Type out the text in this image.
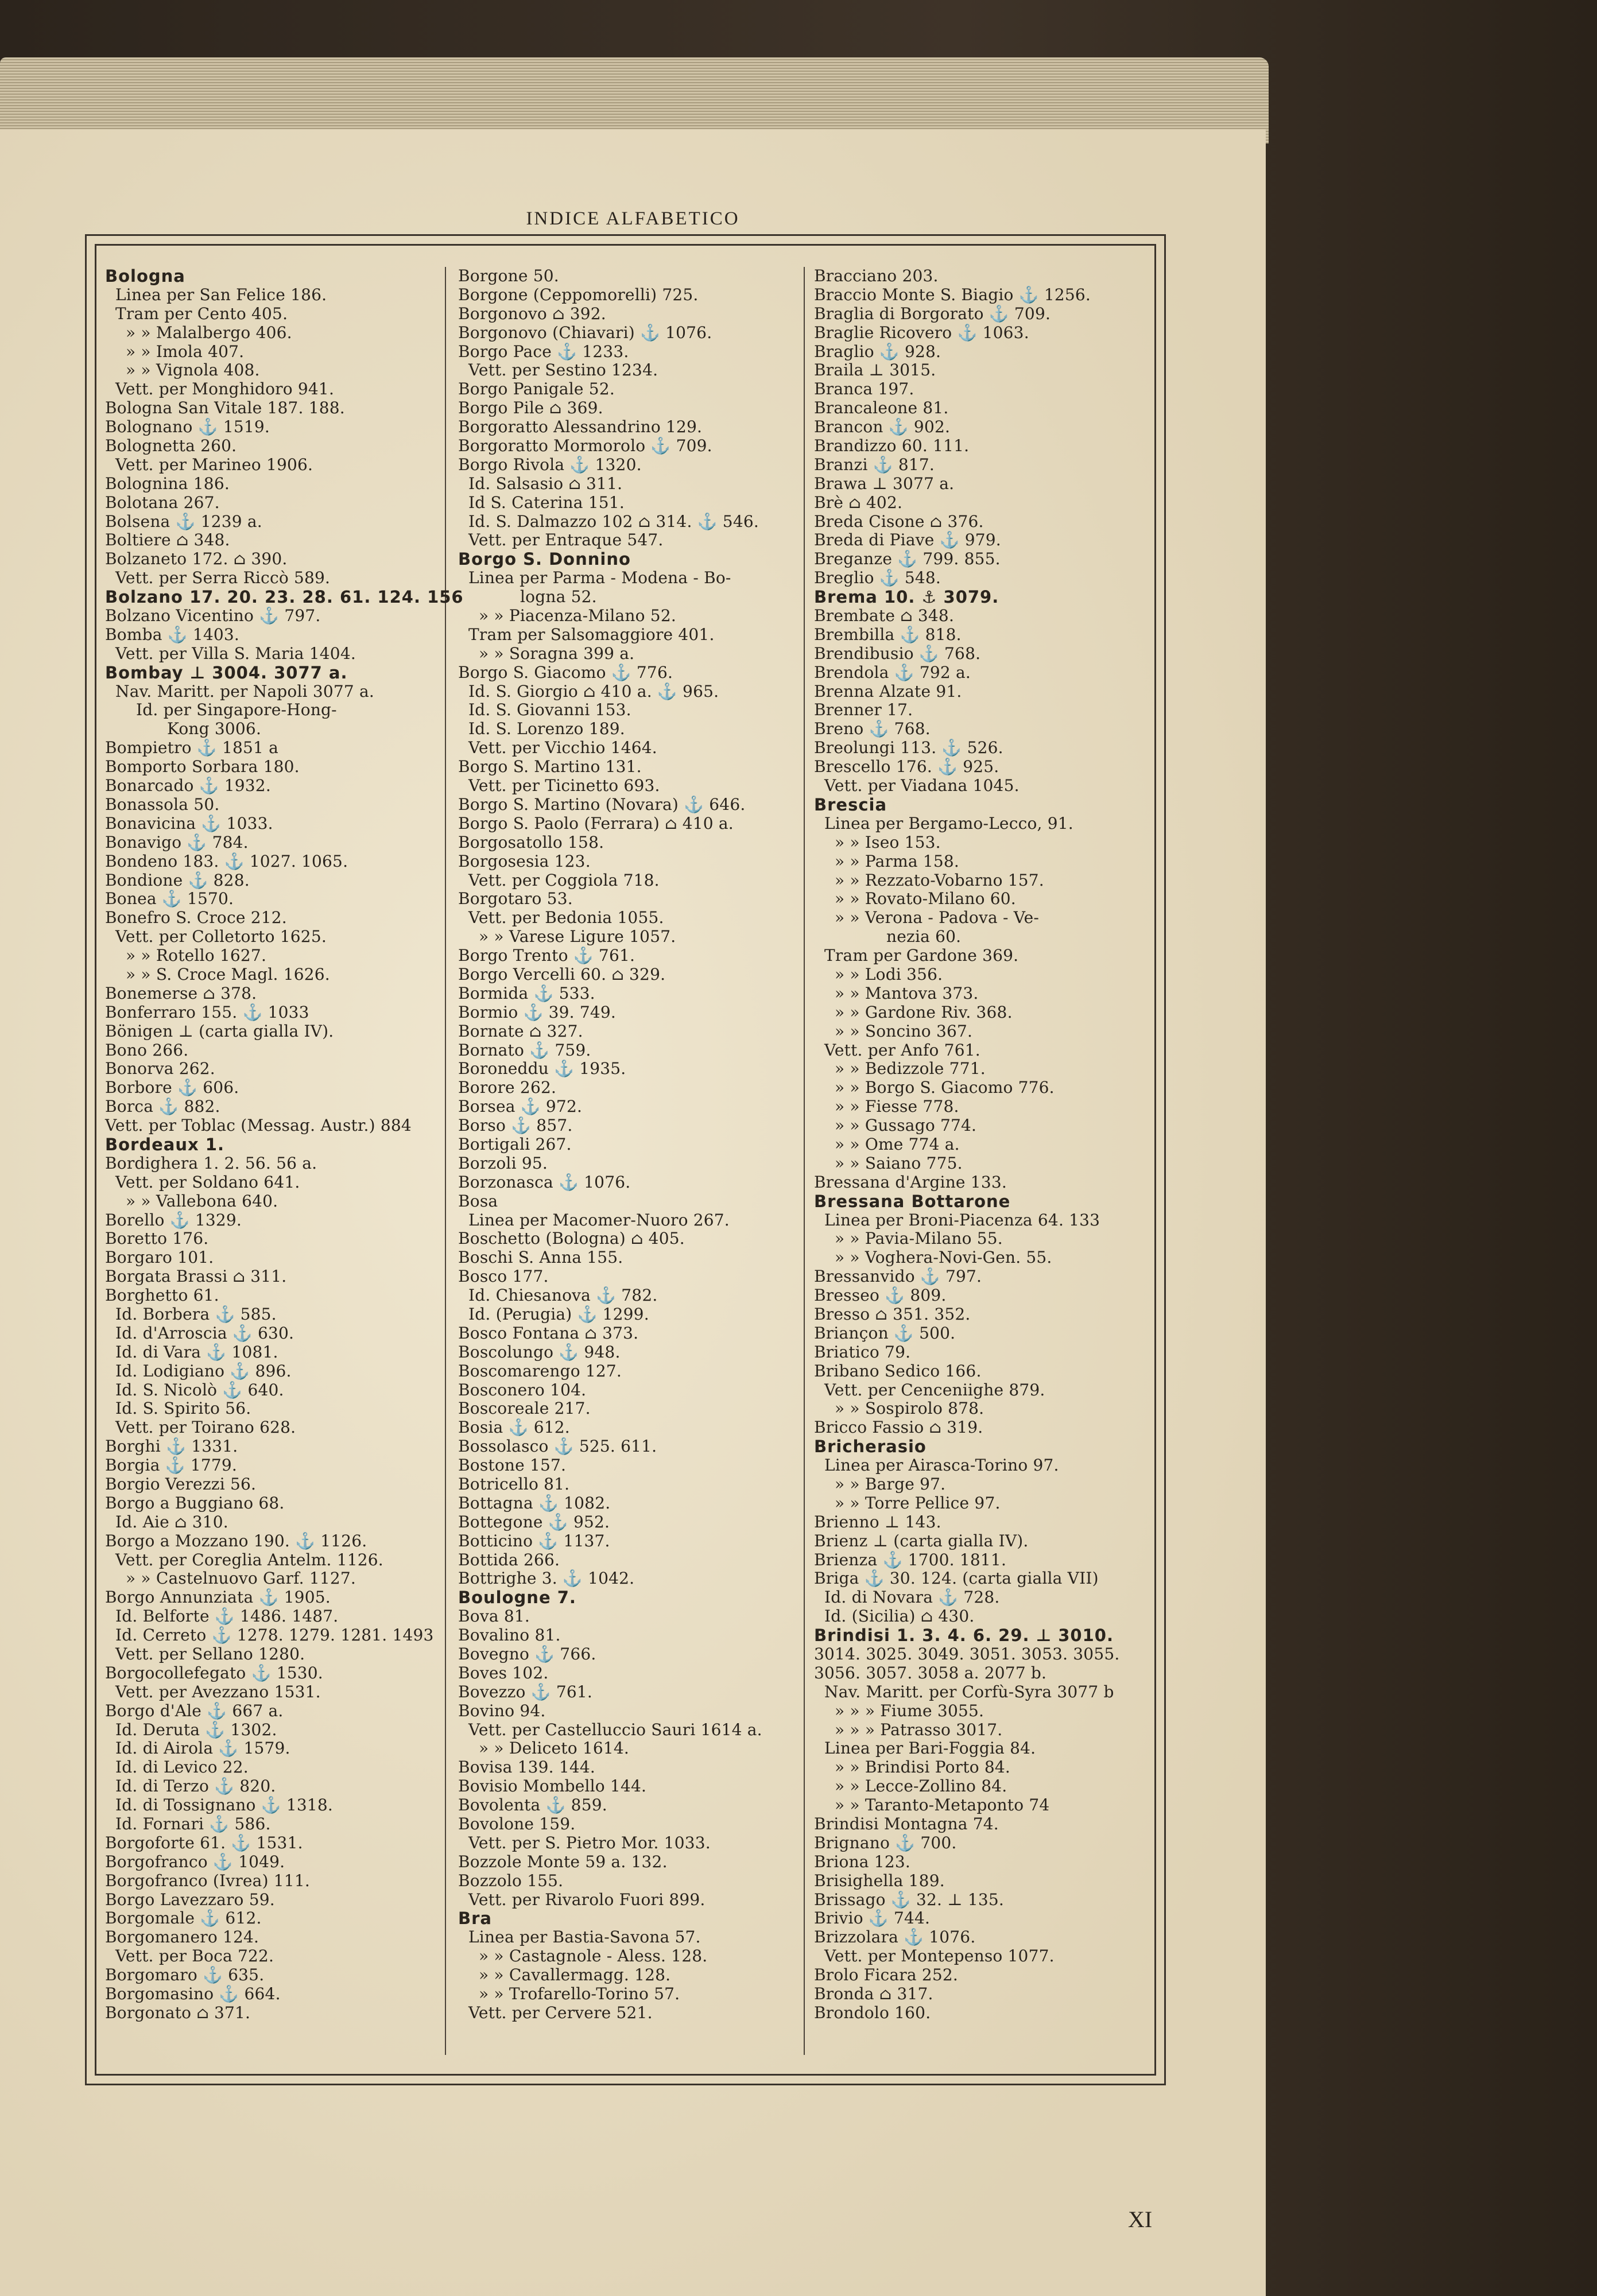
INDICE ALFABETICO
Bologna
Linea per San Felice 186.
Tram per Cento 405.
» » Malalbergo 406.
» » Imola 407.
» » Vignola 408.
Vett. per Monghidoro 941.
Bologna San Vitale 187. 188.
Bolognano ⚓ 1519.
Bolognetta 260.
Vett. per Marineo 1906.
Bolognina 186.
Bolotana 267.
Bolsena ⚓ 1239 a.
Boltiere ⌂ 348.
Bolzaneto 172. ⌂ 390.
Vett. per Serra Riccò 589.
Bolzano 17. 20. 23. 28. 61. 124. 156
Bolzano Vicentino ⚓ 797.
Bomba ⚓ 1403.
Vett. per Villa S. Maria 1404.
Bombay ⊥ 3004. 3077 a.
Nav. Maritt. per Napoli 3077 a.
Id. per Singapore-Hong-
Kong 3006.
Bompietro ⚓ 1851 a
Bomporto Sorbara 180.
Bonarcado ⚓ 1932.
Bonassola 50.
Bonavicina ⚓ 1033.
Bonavigo ⚓ 784.
Bondeno 183. ⚓ 1027. 1065.
Bondione ⚓ 828.
Bonea ⚓ 1570.
Bonefro S. Croce 212.
Vett. per Colletorto 1625.
» » Rotello 1627.
» » S. Croce Magl. 1626.
Bonemerse ⌂ 378.
Bonferraro 155. ⚓ 1033
Bönigen ⊥ (carta gialla IV).
Bono 266.
Bonorva 262.
Borbore ⚓ 606.
Borca ⚓ 882.
Vett. per Toblac (Messag. Austr.) 884
Bordeaux 1.
Bordighera 1. 2. 56. 56 a.
Vett. per Soldano 641.
» » Vallebona 640.
Borello ⚓ 1329.
Boretto 176.
Borgaro 101.
Borgata Brassi ⌂ 311.
Borghetto 61.
Id. Borbera ⚓ 585.
Id. d'Arroscia ⚓ 630.
Id. di Vara ⚓ 1081.
Id. Lodigiano ⚓ 896.
Id. S. Nicolò ⚓ 640.
Id. S. Spirito 56.
Vett. per Toirano 628.
Borghi ⚓ 1331.
Borgia ⚓ 1779.
Borgio Verezzi 56.
Borgo a Buggiano 68.
Id. Aie ⌂ 310.
Borgo a Mozzano 190. ⚓ 1126.
Vett. per Coreglia Antelm. 1126.
» » Castelnuovo Garf. 1127.
Borgo Annunziata ⚓ 1905.
Id. Belforte ⚓ 1486. 1487.
Id. Cerreto ⚓ 1278. 1279. 1281. 1493
Vett. per Sellano 1280.
Borgocollefegato ⚓ 1530.
Vett. per Avezzano 1531.
Borgo d'Ale ⚓ 667 a.
Id. Deruta ⚓ 1302.
Id. di Airola ⚓ 1579.
Id. di Levico 22.
Id. di Terzo ⚓ 820.
Id. di Tossignano ⚓ 1318.
Id. Fornari ⚓ 586.
Borgoforte 61. ⚓ 1531.
Borgofranco ⚓ 1049.
Borgofranco (Ivrea) 111.
Borgo Lavezzaro 59.
Borgomale ⚓ 612.
Borgomanero 124.
Vett. per Boca 722.
Borgomaro ⚓ 635.
Borgomasino ⚓ 664.
Borgonato ⌂ 371.
Borgone 50.
Borgone (Ceppomorelli) 725.
Borgonovo ⌂ 392.
Borgonovo (Chiavari) ⚓ 1076.
Borgo Pace ⚓ 1233.
Vett. per Sestino 1234.
Borgo Panigale 52.
Borgo Pile ⌂ 369.
Borgoratto Alessandrino 129.
Borgoratto Mormorolo ⚓ 709.
Borgo Rivola ⚓ 1320.
Id. Salsasio ⌂ 311.
Id S. Caterina 151.
Id. S. Dalmazzo 102 ⌂ 314. ⚓ 546.
Vett. per Entraque 547.
Borgo S. Donnino
Linea per Parma - Modena - Bo-
logna 52.
» » Piacenza-Milano 52.
Tram per Salsomaggiore 401.
» » Soragna 399 a.
Borgo S. Giacomo ⚓ 776.
Id. S. Giorgio ⌂ 410 a. ⚓ 965.
Id. S. Giovanni 153.
Id. S. Lorenzo 189.
Vett. per Vicchio 1464.
Borgo S. Martino 131.
Vett. per Ticinetto 693.
Borgo S. Martino (Novara) ⚓ 646.
Borgo S. Paolo (Ferrara) ⌂ 410 a.
Borgosatollo 158.
Borgosesia 123.
Vett. per Coggiola 718.
Borgotaro 53.
Vett. per Bedonia 1055.
» » Varese Ligure 1057.
Borgo Trento ⚓ 761.
Borgo Vercelli 60. ⌂ 329.
Bormida ⚓ 533.
Bormio ⚓ 39. 749.
Bornate ⌂ 327.
Bornato ⚓ 759.
Boroneddu ⚓ 1935.
Borore 262.
Borsea ⚓ 972.
Borso ⚓ 857.
Bortigali 267.
Borzoli 95.
Borzonasca ⚓ 1076.
Bosa
Linea per Macomer-Nuoro 267.
Boschetto (Bologna) ⌂ 405.
Boschi S. Anna 155.
Bosco 177.
Id. Chiesanova ⚓ 782.
Id. (Perugia) ⚓ 1299.
Bosco Fontana ⌂ 373.
Boscolungo ⚓ 948.
Boscomarengo 127.
Bosconero 104.
Boscoreale 217.
Bosia ⚓ 612.
Bossolasco ⚓ 525. 611.
Bostone 157.
Botricello 81.
Bottagna ⚓ 1082.
Bottegone ⚓ 952.
Botticino ⚓ 1137.
Bottida 266.
Bottrighe 3. ⚓ 1042.
Boulogne 7.
Bova 81.
Bovalino 81.
Bovegno ⚓ 766.
Boves 102.
Bovezzo ⚓ 761.
Bovino 94.
Vett. per Castelluccio Sauri 1614 a.
» » Deliceto 1614.
Bovisa 139. 144.
Bovisio Mombello 144.
Bovolenta ⚓ 859.
Bovolone 159.
Vett. per S. Pietro Mor. 1033.
Bozzole Monte 59 a. 132.
Bozzolo 155.
Vett. per Rivarolo Fuori 899.
Bra
Linea per Bastia-Savona 57.
» » Castagnole - Aless. 128.
» » Cavallermagg. 128.
» » Trofarello-Torino 57.
Vett. per Cervere 521.
Bracciano 203.
Braccio Monte S. Biagio ⚓ 1256.
Braglia di Borgorato ⚓ 709.
Braglie Ricovero ⚓ 1063.
Braglio ⚓ 928.
Braila ⊥ 3015.
Branca 197.
Brancaleone 81.
Brancon ⚓ 902.
Brandizzo 60. 111.
Branzi ⚓ 817.
Brawa ⊥ 3077 a.
Brè ⌂ 402.
Breda Cisone ⌂ 376.
Breda di Piave ⚓ 979.
Breganze ⚓ 799. 855.
Breglio ⚓ 548.
Brema 10. ⚓ 3079.
Brembate ⌂ 348.
Brembilla ⚓ 818.
Brendibusio ⚓ 768.
Brendola ⚓ 792 a.
Brenna Alzate 91.
Brenner 17.
Breno ⚓ 768.
Breolungi 113. ⚓ 526.
Brescello 176. ⚓ 925.
Vett. per Viadana 1045.
Brescia
Linea per Bergamo-Lecco, 91.
» » Iseo 153.
» » Parma 158.
» » Rezzato-Vobarno 157.
» » Rovato-Milano 60.
» » Verona - Padova - Ve-
nezia 60.
Tram per Gardone 369.
» » Lodi 356.
» » Mantova 373.
» » Gardone Riv. 368.
» » Soncino 367.
Vett. per Anfo 761.
» » Bedizzole 771.
» » Borgo S. Giacomo 776.
» » Fiesse 778.
» » Gussago 774.
» » Ome 774 a.
» » Saiano 775.
Bressana d'Argine 133.
Bressana Bottarone
Linea per Broni-Piacenza 64. 133
» » Pavia-Milano 55.
» » Voghera-Novi-Gen. 55.
Bressanvido ⚓ 797.
Bresseo ⚓ 809.
Bresso ⌂ 351. 352.
Briançon ⚓ 500.
Briatico 79.
Bribano Sedico 166.
Vett. per Cenceniighe 879.
» » Sospirolo 878.
Bricco Fassio ⌂ 319.
Bricherasio
Linea per Airasca-Torino 97.
» » Barge 97.
» » Torre Pellice 97.
Brienno ⊥ 143.
Brienz ⊥ (carta gialla IV).
Brienza ⚓ 1700. 1811.
Briga ⚓ 30. 124. (carta gialla VII)
Id. di Novara ⚓ 728.
Id. (Sicilia) ⌂ 430.
Brindisi 1. 3. 4. 6. 29. ⊥ 3010.
3014. 3025. 3049. 3051. 3053. 3055.
3056. 3057. 3058 a. 2077 b.
Nav. Maritt. per Corfù-Syra 3077 b
» » » Fiume 3055.
» » » Patrasso 3017.
Linea per Bari-Foggia 84.
» » Brindisi Porto 84.
» » Lecce-Zollino 84.
» » Taranto-Metaponto 74
Brindisi Montagna 74.
Brignano ⚓ 700.
Briona 123.
Brisighella 189.
Brissago ⚓ 32. ⊥ 135.
Brivio ⚓ 744.
Brizzolara ⚓ 1076.
Vett. per Montepenso 1077.
Brolo Ficara 252.
Bronda ⌂ 317.
Brondolo 160.
XI
